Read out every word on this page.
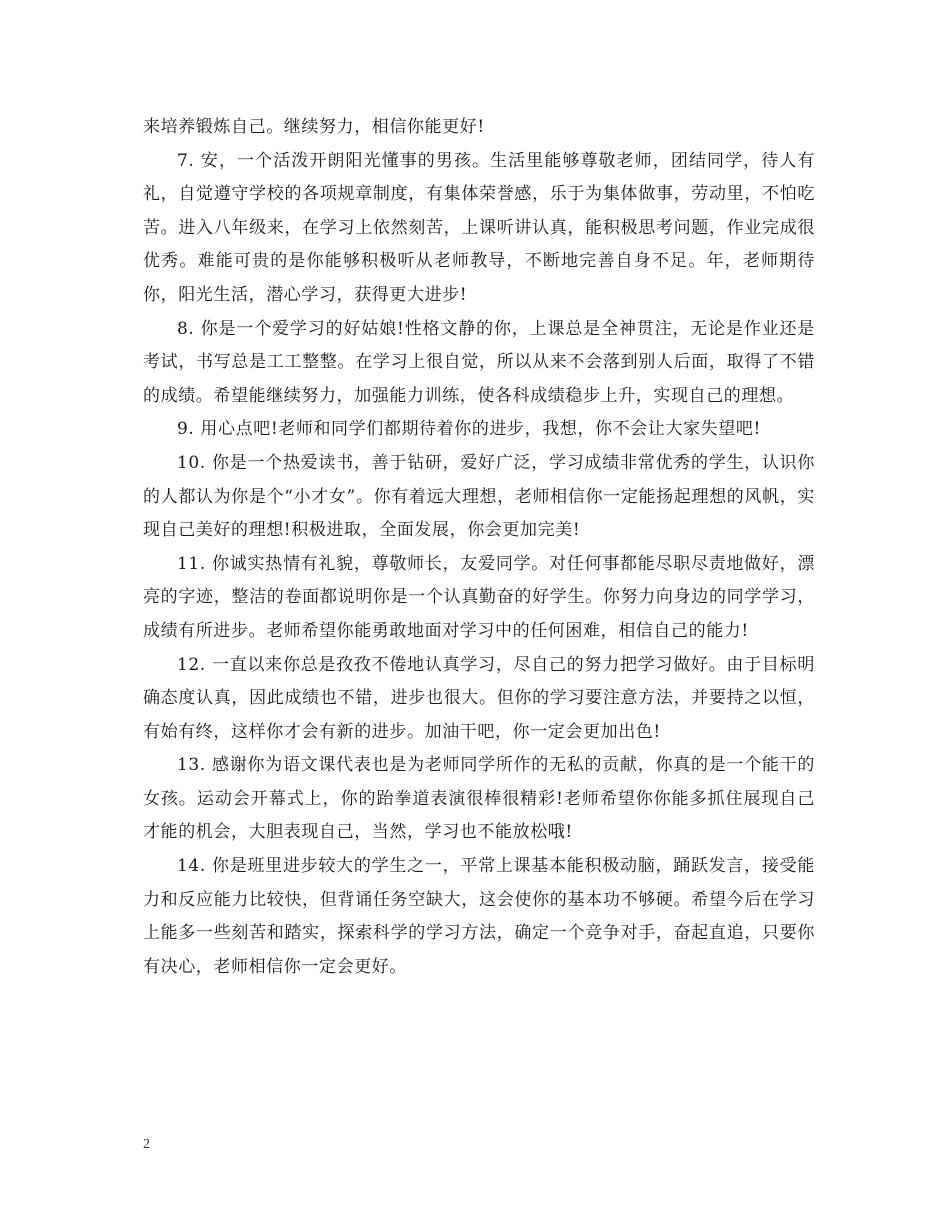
来培养锻炼自己。继续努力，相信你能更好!

7. 安，一个活泼开朗阳光懂事的男孩。生活里能够尊敬老师，团结同学，待人有礼，自觉遵守学校的各项规章制度，有集体荣誉感，乐于为集体做事，劳动里，不怕吃苦。进入八年级来，在学习上依然刻苦，上课听讲认真，能积极思考问题，作业完成很优秀。难能可贵的是你能够积极听从老师教导，不断地完善自身不足。年，老师期待你，阳光生活，潜心学习，获得更大进步!

8. 你是一个爱学习的好姑娘!性格文静的你，上课总是全神贯注，无论是作业还是考试，书写总是工工整整。在学习上很自觉，所以从来不会落到别人后面，取得了不错的成绩。希望能继续努力，加强能力训练，使各科成绩稳步上升，实现自己的理想。

9. 用心点吧!老师和同学们都期待着你的进步，我想，你不会让大家失望吧!

10. 你是一个热爱读书，善于钻研，爱好广泛，学习成绩非常优秀的学生，认识你的人都认为你是个“小才女”。你有着远大理想，老师相信你一定能扬起理想的风帆，实现自己美好的理想!积极进取，全面发展，你会更加完美!

11. 你诚实热情有礼貌，尊敬师长，友爱同学。对任何事都能尽职尽责地做好，漂亮的字迹，整洁的卷面都说明你是一个认真勤奋的好学生。你努力向身边的同学学习，成绩有所进步。老师希望你能勇敢地面对学习中的任何困难，相信自己的能力!

12. 一直以来你总是孜孜不倦地认真学习，尽自己的努力把学习做好。由于目标明确态度认真，因此成绩也不错，进步也很大。但你的学习要注意方法，并要持之以恒，有始有终，这样你才会有新的进步。加油干吧，你一定会更加出色!

13. 感谢你为语文课代表也是为老师同学所作的无私的贡献，你真的是一个能干的女孩。运动会开幕式上，你的跆拳道表演很棒很精彩!老师希望你你能多抓住展现自己才能的机会，大胆表现自己，当然，学习也不能放松哦!

14. 你是班里进步较大的学生之一，平常上课基本能积极动脑，踊跃发言，接受能力和反应能力比较快，但背诵任务空缺大，这会使你的基本功不够硬。希望今后在学习上能多一些刻苦和踏实，探索科学的学习方法，确定一个竞争对手，奋起直追，只要你有决心，老师相信你一定会更好。

2
